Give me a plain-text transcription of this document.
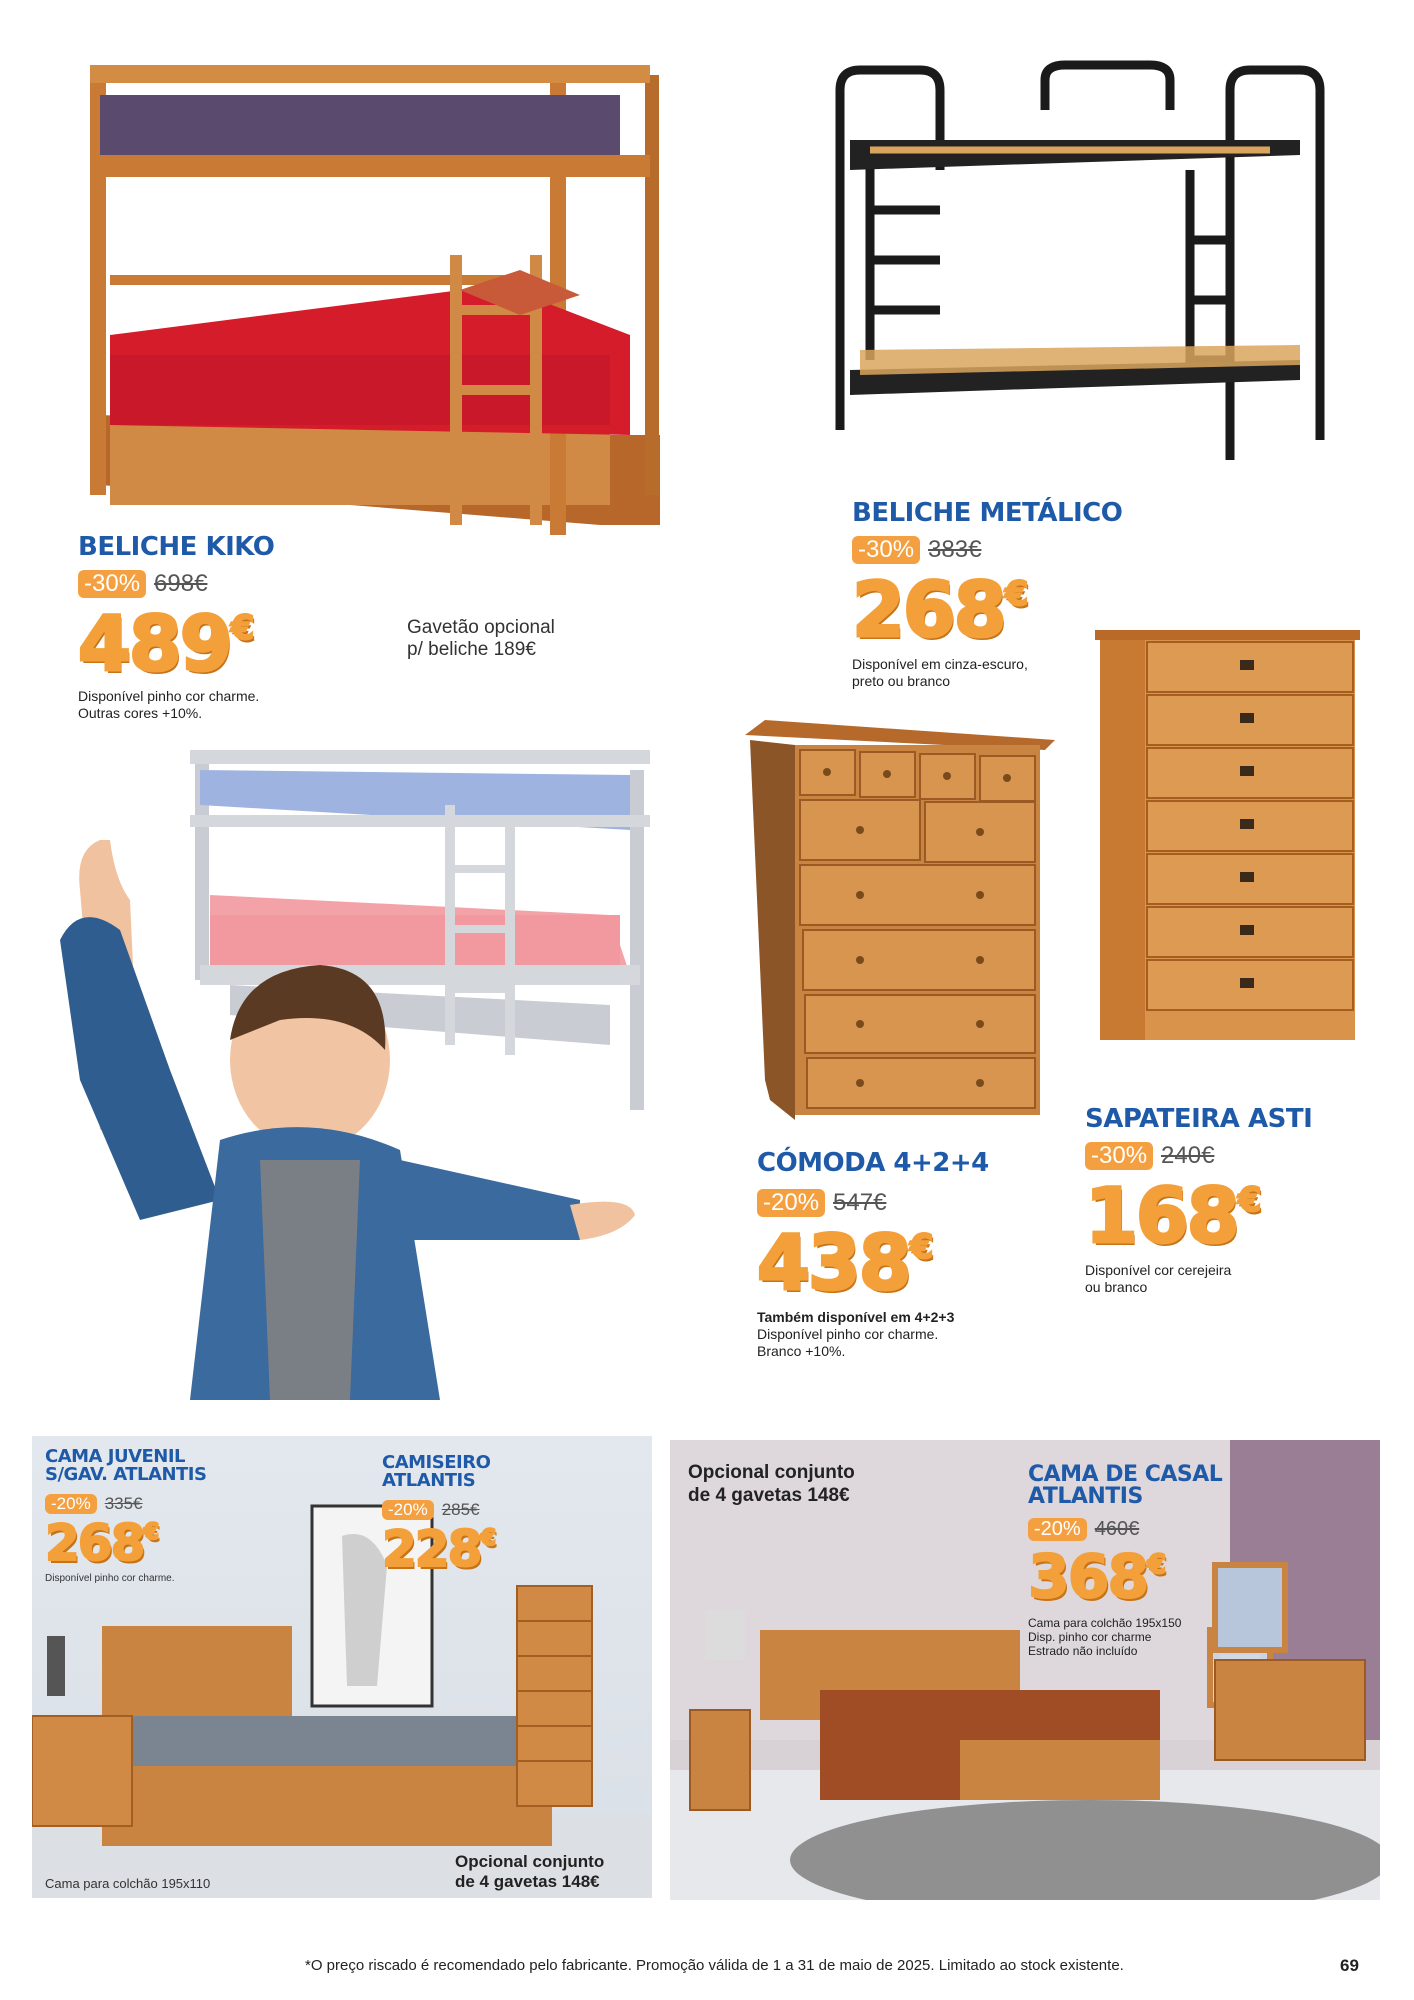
BELICHE KIKO
-30% 698€
489€
Disponível pinho cor charme.
Outras cores +10%.
Gavetão opcional
p/ beliche 189€
BELICHE METÁLICO
-30% 383€
268€
Disponível em cinza-escuro,
preto ou branco
CÓMODA 4+2+4
-20% 547€
438€
Também disponível em 4+2+3
Disponível pinho cor charme.
Branco +10%.
SAPATEIRA ASTI
-30% 240€
168€
Disponível cor cerejeira
ou branco
CAMA JUVENIL
S/GAV. ATLANTIS
-20% 335€
268€
Disponível pinho cor charme.
Cama para colchão 195x110
CAMISEIRO
ATLANTIS
-20% 285€
228€
Opcional conjunto
de 4 gavetas 148€
Opcional conjunto
de 4 gavetas 148€
CAMA DE CASAL
ATLANTIS
-20% 460€
368€
Cama para colchão 195x150
Disp. pinho cor charme
Estrado não incluído
*O preço riscado é recomendado pelo fabricante. Promoção válida de 1 a 31 de maio de 2025. Limitado ao stock existente.	69
